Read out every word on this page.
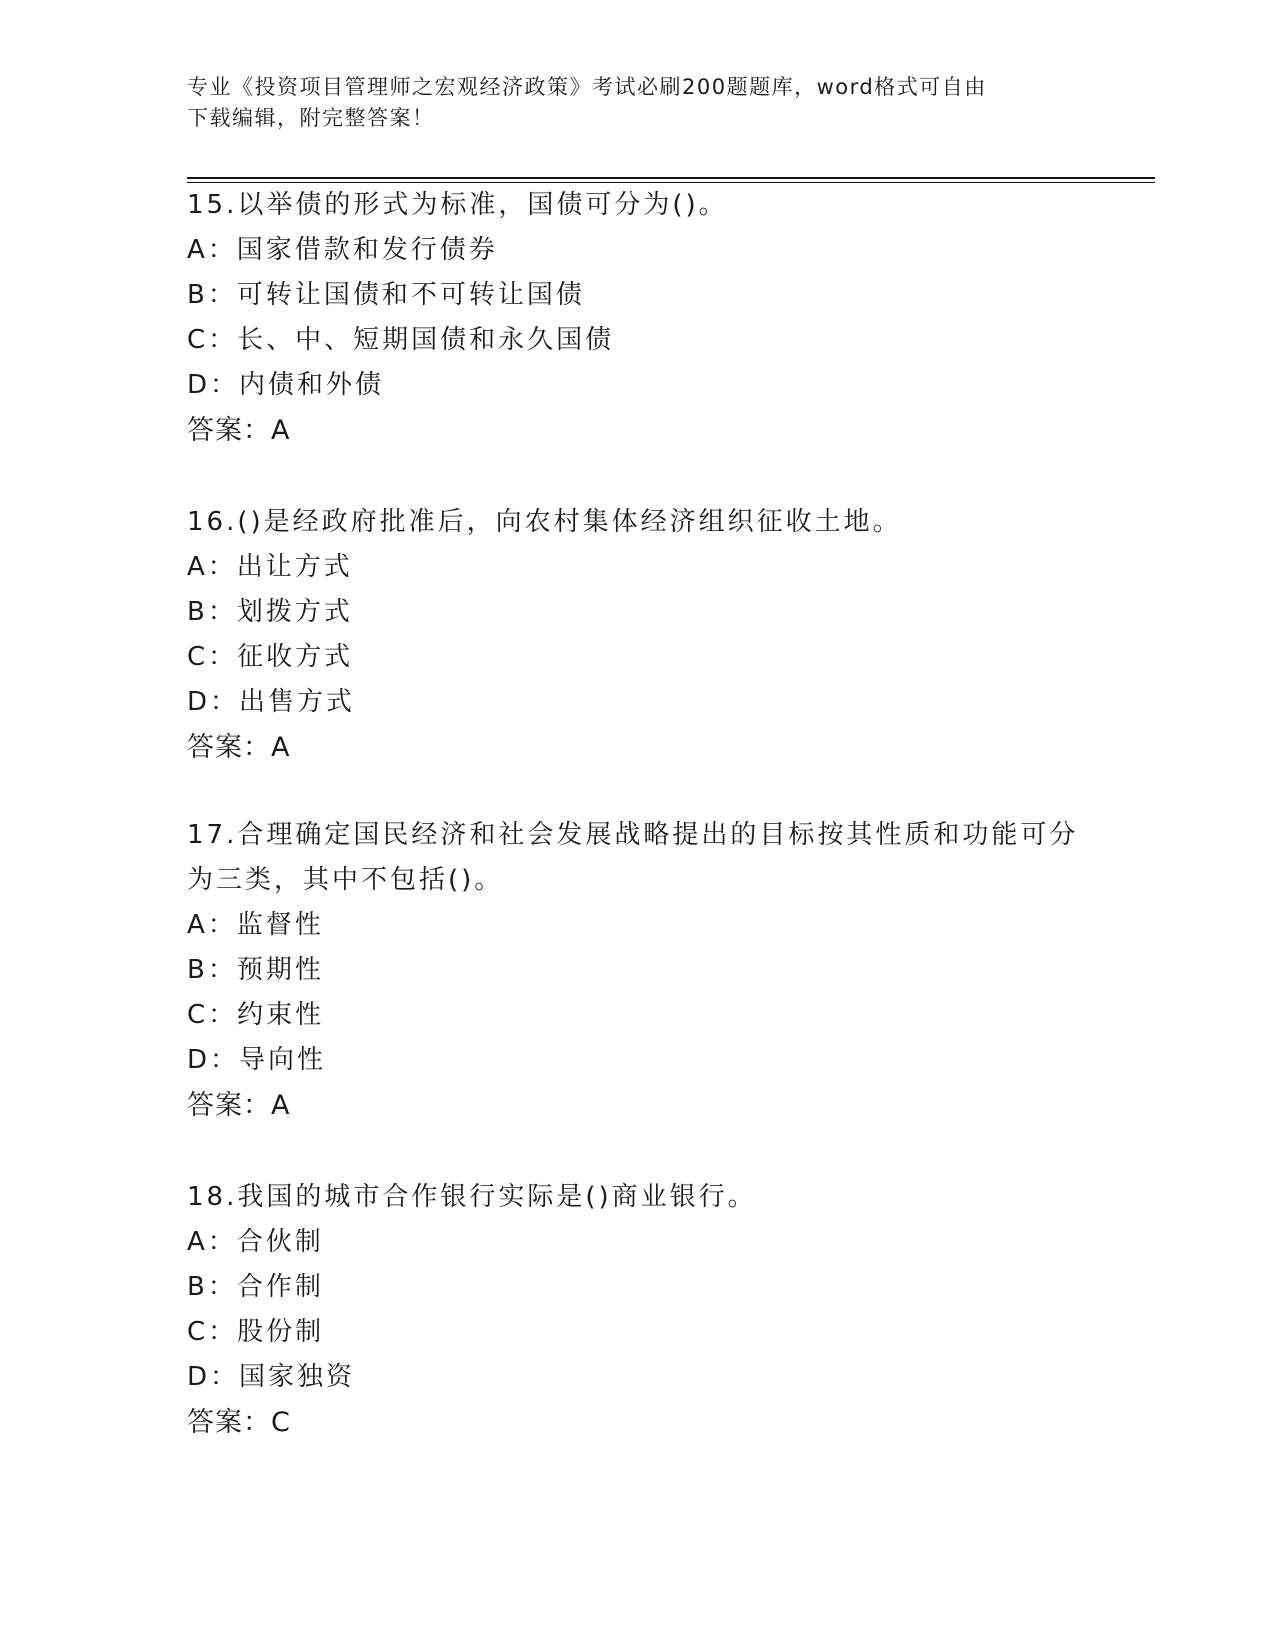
专业《投资项目管理师之宏观经济政策》考试必刷200题题库，word格式可自由
下载编辑，附完整答案！
15.以举债的形式为标准，国债可分为()。
A：国家借款和发行债券
B：可转让国债和不可转让国债
C：长、中、短期国债和永久国债
D：内债和外债
答案：A
16.()是经政府批准后，向农村集体经济组织征收土地。
A：出让方式
B：划拨方式
C：征收方式
D：出售方式
答案：A
17.合理确定国民经济和社会发展战略提出的目标按其性质和功能可分
为三类，其中不包括()。
A：监督性
B：预期性
C：约束性
D：导向性
答案：A
18.我国的城市合作银行实际是()商业银行。
A：合伙制
B：合作制
C：股份制
D：国家独资
答案：C
